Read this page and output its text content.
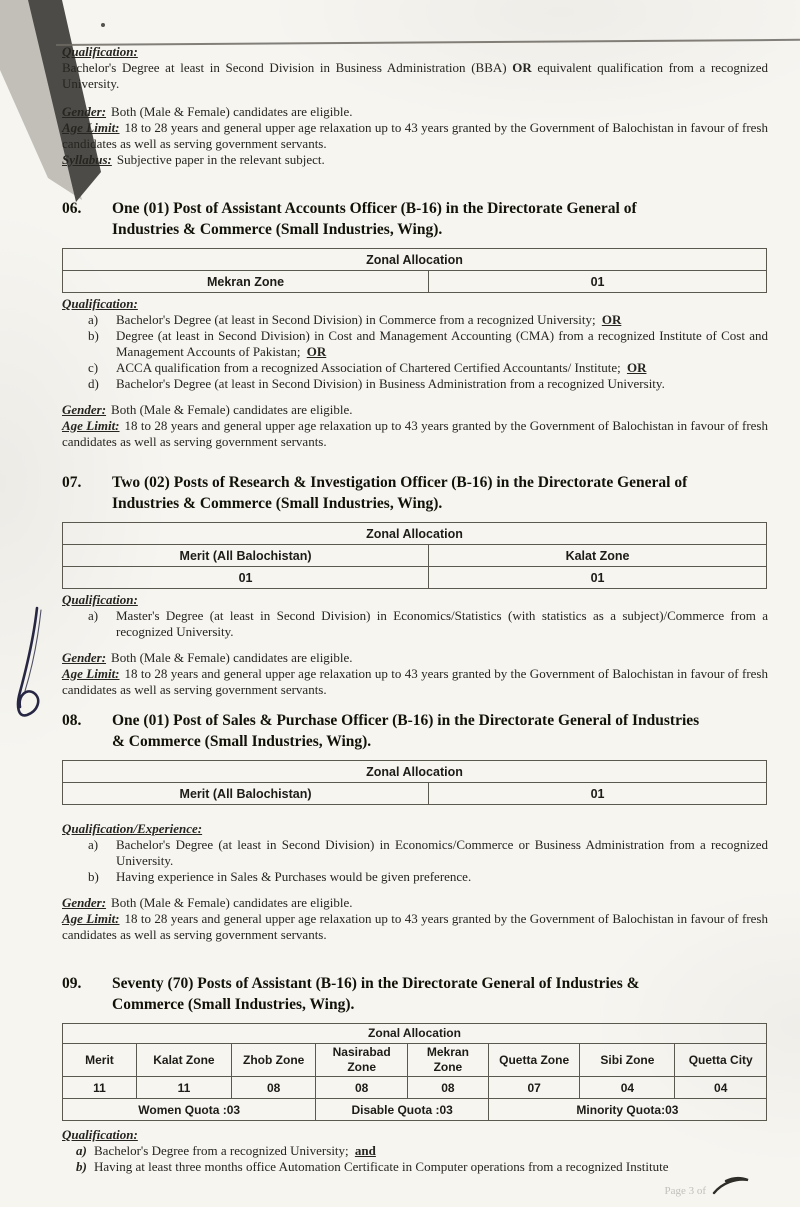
Qualification:

Bachelor's Degree at least in Second Division in Business Administration (BBA) OR equivalent qualification from a recognized University.

Gender: Both (Male & Female) candidates are eligible.

Age Limit: 18 to 28 years and general upper age relaxation up to 43 years granted by the Government of Balochistan in favour of fresh candidates as well as serving government servants.

Syllabus: Subjective paper in the relevant subject.

06.	One (01) Post of Assistant Accounts Officer (B-16) in the Directorate General of Industries & Commerce (Small Industries, Wing).
Zonal Allocation
Mekran Zone	01

Qualification:

a)	Bachelor's Degree (at least in Second Division) in Commerce from a recognized University; OR
b)	Degree (at least in Second Division) in Cost and Management Accounting (CMA) from a recognized Institute of Cost and Management Accounts of Pakistan; OR
c)	ACCA qualification from a recognized Association of Chartered Certified Accountants/ Institute; OR
d)	Bachelor's Degree (at least in Second Division) in Business Administration from a recognized University.

Gender: Both (Male & Female) candidates are eligible.

Age Limit: 18 to 28 years and general upper age relaxation up to 43 years granted by the Government of Balochistan in favour of fresh candidates as well as serving government servants.

07.	Two (02) Posts of Research & Investigation Officer (B-16) in the Directorate General of Industries & Commerce (Small Industries, Wing).
Zonal Allocation	
Merit (All Balochistan)	Kalat Zone
01	01

Qualification:

a)	Master's Degree (at least in Second Division) in Economics/Statistics (with statistics as a subject)/Commerce from a recognized University.

Gender: Both (Male & Female) candidates are eligible.

Age Limit: 18 to 28 years and general upper age relaxation up to 43 years granted by the Government of Balochistan in favour of fresh candidates as well as serving government servants.

08.	One (01) Post of Sales & Purchase Officer (B-16) in the Directorate General of Industries & Commerce (Small Industries, Wing).
Zonal Allocation
Merit (All Balochistan)	01

Qualification/Experience:

a)	Bachelor's Degree (at least in Second Division) in Economics/Commerce or Business Administration from a recognized University.
b)	Having experience in Sales & Purchases would be given preference.

Gender: Both (Male & Female) candidates are eligible.

Age Limit: 18 to 28 years and general upper age relaxation up to 43 years granted by the Government of Balochistan in favour of fresh candidates as well as serving government servants.

09.	Seventy (70) Posts of Assistant (B-16) in the Directorate General of Industries & Commerce (Small Industries, Wing).
Zonal Allocation							
Merit	Kalat Zone	Zhob Zone	Nasirabad Zone	Mekran Zone	Quetta Zone	Sibi Zone	Quetta City
11	11	08	08	08	07	04	04
Women Quota :03			Disable Quota :03		Minority Quota:03		

Qualification:

a) Bachelor's Degree from a recognized University; and
b) Having at least three months office Automation Certificate in Computer operations from a recognized Institute
Page 3 of
